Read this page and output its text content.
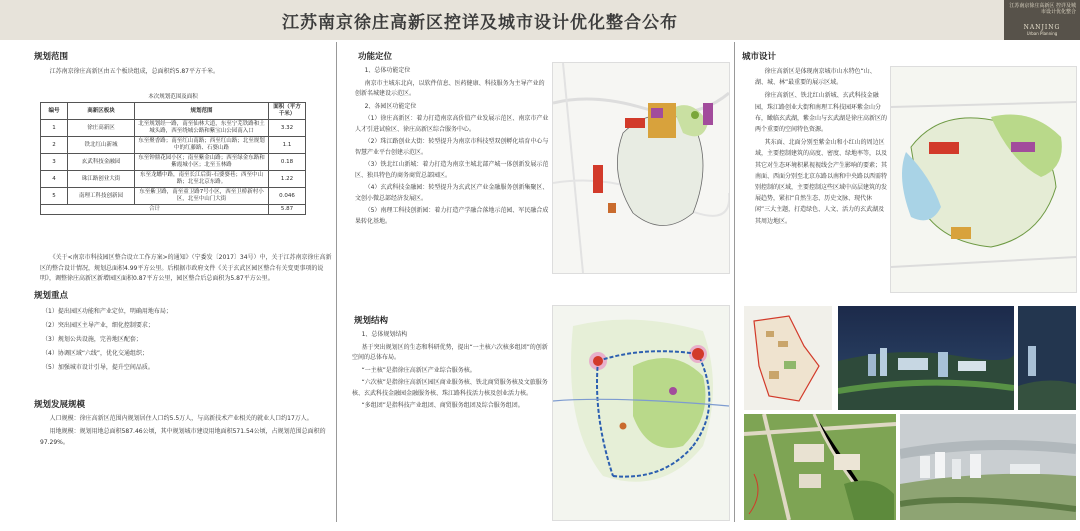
江苏南京徐庄高新区控详及城市设计优化整合公布
江苏南京徐庄高新区 控详及城市设计优化整合
NANJING
Urban Planning
规划范围

江苏南京徐庄高新区由五个板块组成，总面积约5.87平方千米。

本次规划范围及面积
编号	高新区板块	规划范围	面积（平方千米）
1	徐庄高新区	北至规划经一路，南至仙林大道，东至宁芜铁路和土城头路，西至绕城公路和紫宝山公园南入口	3.32
2	铁北红山新城	东至聚香路；南至红山南路；西至红山路；北至规划中的红藤路、石婆山路	1.1
3	玄武科技金融园	东至钟鼎花园小区；南至紫金山路；西至绿金东路和紫霞城小区；北至玉林路	0.18
4	珠江路创业大街	东至龙蟠中路，南至长江后街-石婆婆巷；西至中山路；北至北京东路。	1.22
5	南理工科技创新园	东至紫卫路，南至童卫路7号小区，西至卫桥新村小区，北至中山门大街	0.046
合计			5.87

《关于<南京市科技园区整合设立工作方案>的通知》（宁委发〔2017〕34号）中，关于江苏南京徐庄高新区的整合设计情况，规划总面积4.99平方公里。后根据市政府文件《关于玄武区园区整合有关变更事项的说明》，调整徐庄高新区新增园区面积0.87平方公里，园区整合后总面积为5.87平方公里。

规划重点
（1）提出园区功能和产业定位，明确用地布局；
（2）突出园区主导产业，细化控制要求；
（3）规划公共设施，完善地区配套；
（4）协调区域“六线”，优化交通组织；
（5）加强城市设计引导，提升空间品质。
规划发展规模

人口规模：徐庄高新区范围内规划居住人口约5.5万人，与高新技术产业相关的就业人口约17万人。

用地规模：规划用地总面积587.46公顷，其中规划城市建设用地面积571.54公顷，占规划范围总面积的97.29%。

功能定位

1、总体功能定位

南京市主城东北向，以软件信息、医药健康、科技服务为主导产业的创新名城建设示范区。

2、各园区功能定位

（1）徐庄高新区：着力打造南京高价值产业发展示范区、南京市产业人才引进试验区、徐庄高新区综合服务中心。

（2）珠江路创业大街：转型提升为南京市科技型双创孵化培育中心与智慧产业平台创建示范区。

（3）铁北红山新城：着力打造为南京主城北部产城一体创新发展示范区、独具特色的商务商贸总部园区。

（4）玄武科技金融园：转型提升为玄武区产业金融服务创新集聚区、文创小微总部经济发展区。

（5）南理工科技创新园：着力打造产学融合落地示范园、军民融合成果转化基地。

规划结构

1、总体规划结构

基于突出规划区的生态和科研优势，提出“一主核六次核多组团”的创新空间的总体布局。

“一主核”是指徐庄高新区产业综合服务核。

“六次核”是指徐庄高新区园区商业服务核、铁北商贸服务核及文旅服务核、玄武科技金融园金融服务核、珠江路科技活力核及创业活力核。

“多组团”是指科技产业组团、商贸服务组团及综合服务组团。

城市设计

徐庄高新区是体现南京城市山水特色“山、湖、城、林”最重要的展示区域。

徐庄高新区、铁北红山新城、玄武科技金融园，珠江路创业大街和南理工科技园环紫金山分布，瞰临玄武湖，紫金山与玄武湖是徐庄高新区的两个重要的空间特色资源。

其东面、北面分别至紫金山和小红山的周边区域，主要控制建筑的高度、密度、绿地率等，以及其它对生态环境积累视视线会产生影响的要素；其南面、西面分别至北京东路以南和中央路以西需特别控制的区域，主要控制这些区域中高层建筑的发展趋势，紧扣“自然生态、历史文脉、现代休闲”三大主题，打造绿色、人文、活力的玄武湖及其周边地区。
